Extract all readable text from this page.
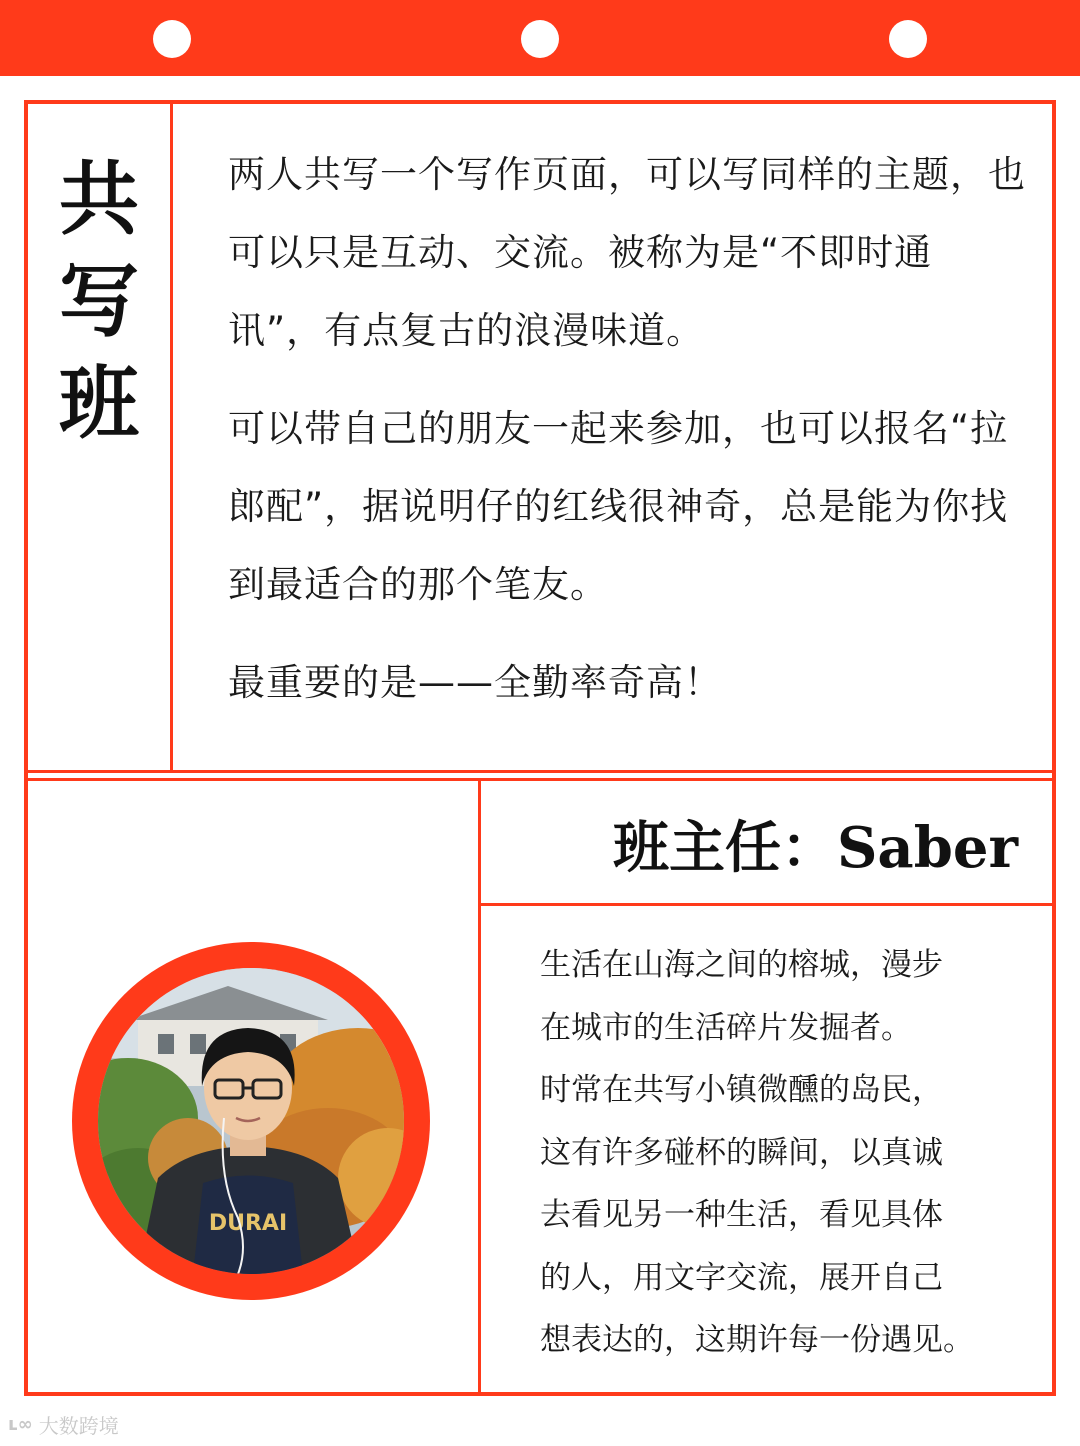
共
写
班

两人共写一个写作页面，可以写同样的主题，也可以只是互动、交流。被称为是“不即时通讯”，有点复古的浪漫味道。

可以带自己的朋友一起来参加，也可以报名“拉郎配”，据说明仔的红线很神奇，总是能为你找到最适合的那个笔友。

最重要的是——全勤率奇高！

班主任：Saber
生活在山海之间的榕城，漫步
在城市的生活碎片发掘者。
时常在共写小镇微醺的岛民，
这有许多碰杯的瞬间，以真诚
去看见另一种生活，看见具体
的人，用文字交流，展开自己
想表达的，这期许每一份遇见。
DURAI
ʟ∞ 大数跨境
